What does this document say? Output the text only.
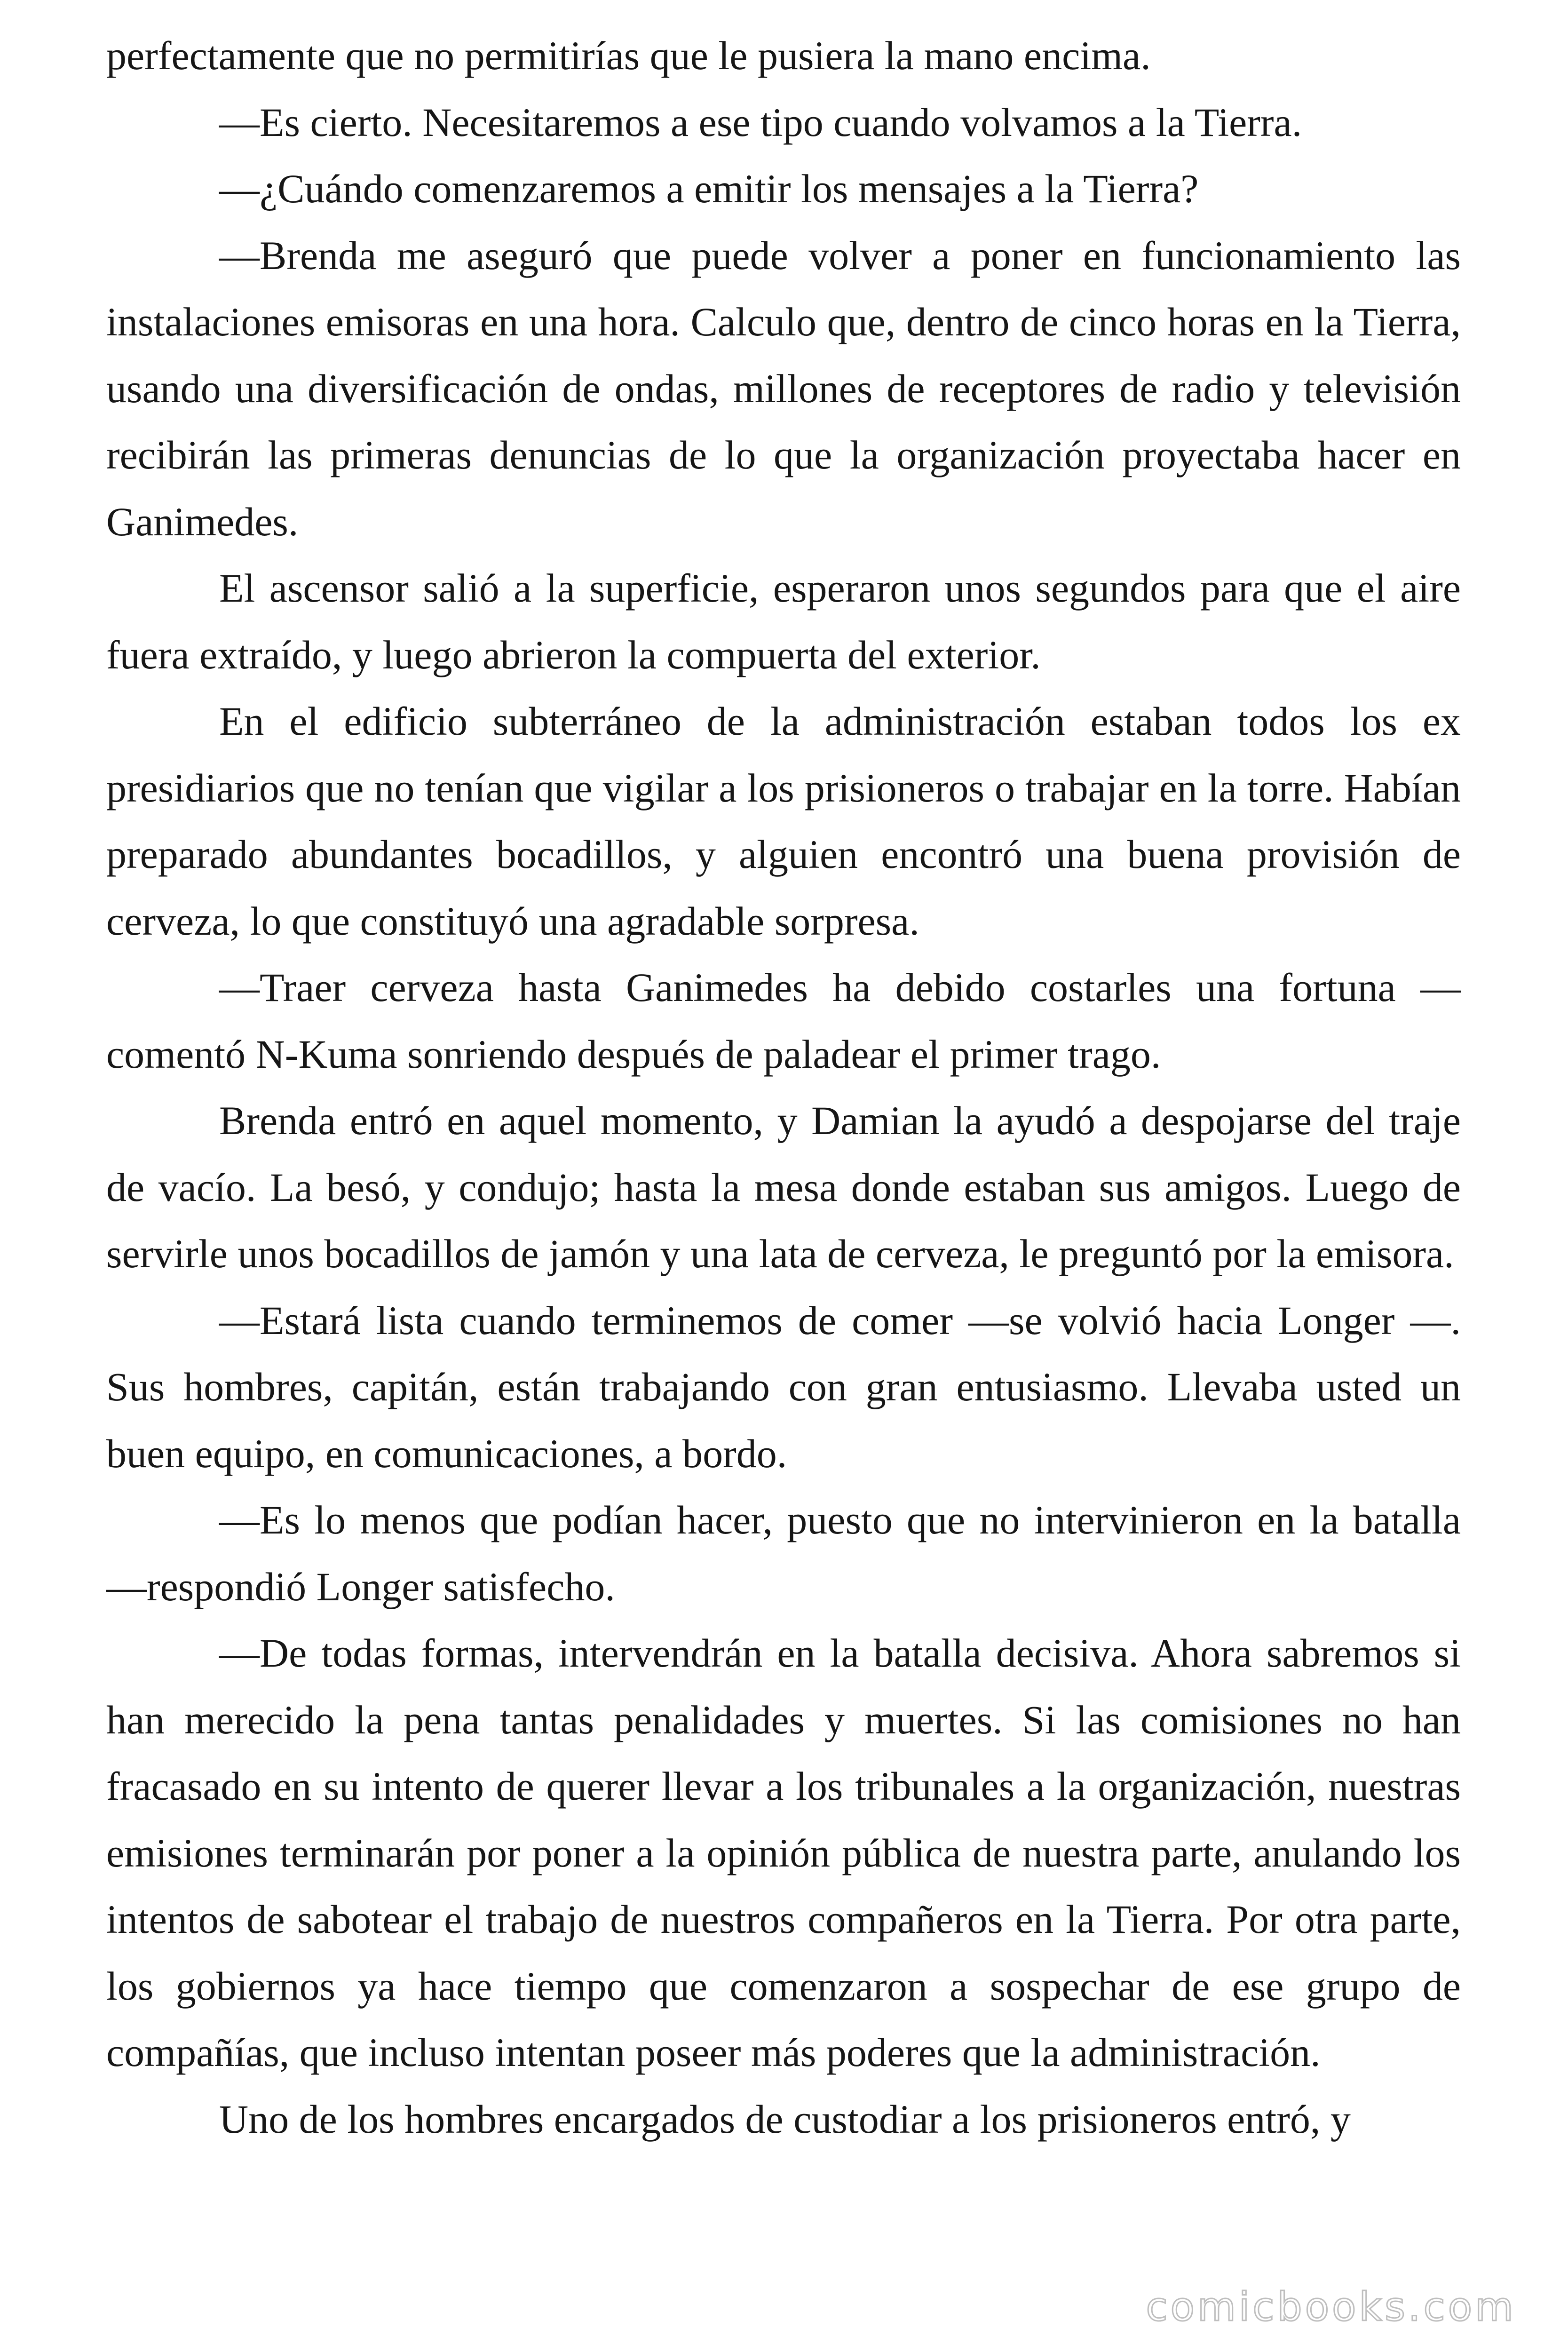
perfectamente que no permitirías que le pusiera la mano encima.

—Es cierto. Necesitaremos a ese tipo cuando volvamos a la Tierra.

—¿Cuándo comenzaremos a emitir los mensajes a la Tierra?

—Brenda me aseguró que puede volver a poner en funcionamiento las instalaciones emisoras en una hora. Calculo que, dentro de cinco horas en la Tierra, usando una diversificación de ondas, millones de receptores de radio y televisión recibirán las primeras denuncias de lo que la organización proyectaba hacer en Ganimedes.

El ascensor salió a la superficie, esperaron unos segundos para que el aire fuera extraído, y luego abrieron la compuerta del exterior.

En el edificio subterráneo de la administración estaban todos los ex presidiarios que no tenían que vigilar a los prisioneros o trabajar en la torre. Habían preparado abundantes bocadillos, y alguien encontró una buena provisión de cerveza, lo que constituyó una agradable sorpresa.

—Traer cerveza hasta Ganimedes ha debido costarles una fortuna — comentó N-Kuma sonriendo después de paladear el primer trago.

Brenda entró en aquel momento, y Damian la ayudó a despojarse del traje de vacío. La besó, y condujo; hasta la mesa donde estaban sus amigos. Luego de servirle unos bocadillos de jamón y una lata de cerveza, le preguntó por la emisora.

—Estará lista cuando terminemos de comer —se volvió hacia Longer —. Sus hombres, capitán, están trabajando con gran entusiasmo. Llevaba usted un buen equipo, en comunicaciones, a bordo.

—Es lo menos que podían hacer, puesto que no intervinieron en la batalla —respondió Longer satisfecho.

—De todas formas, intervendrán en la batalla decisiva. Ahora sabremos si han merecido la pena tantas penalidades y muertes. Si las comisiones no han fracasado en su intento de querer llevar a los tribunales a la organización, nuestras emisiones terminarán por poner a la opinión pública de nuestra parte, anulando los intentos de sabotear el trabajo de nuestros compañeros en la Tierra. Por otra parte, los gobiernos ya hace tiempo que comenzaron a sospechar de ese grupo de compañías, que incluso intentan poseer más poderes que la administración.

Uno de los hombres encargados de custodiar a los prisioneros entró, y

comicbooks.com
